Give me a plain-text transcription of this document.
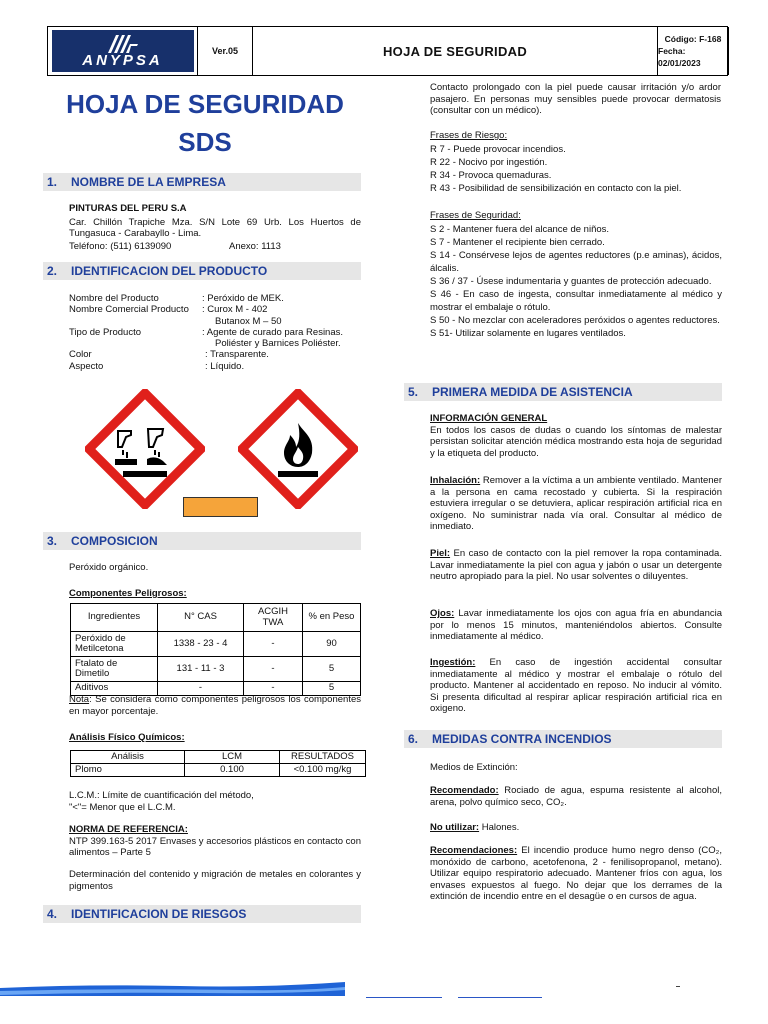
ANYPSA
Ver.05	HOJA DE SEGURIDAD
Código: F-168
Fecha: 02/01/2023
HOJA DE SEGURIDAD
SDS
1.	NOMBRE DE LA EMPRESA
PINTURAS DEL PERU S.A
Car. Chillón Trapiche Mza. S/N Lote 69 Urb. Los Huertos de Tungasuca - Carabayllo - Lima.
Teléfono: (511) 6139090	Anexo: 1113
2.	IDENTIFICACION DEL PRODUCTO
Nombre del Producto	: Peróxido de MEK.
Nombre Comercial Producto : Curox M - 402
Butanox M – 50
Tipo de Producto	: Agente de curado para Resinas.
Poliéster y Barnices Poliéster.
Color	: Transparente.
Aspecto	: Líquido.
3.	COMPOSICION
Peróxido orgánico.
Componentes Peligrosos:
Ingredientes	N° CAS	ACGIH TWA	% en Peso
Peróxido de Metilcetona	1338 - 23 - 4	-	90
Ftalato de Dimetilo	131 - 11 - 3	-	5
Aditivos	-	-	5
Nota: Se considera como componentes peligrosos los componentes en mayor porcentaje.
Análisis Físico Químicos:
Análisis	LCM	RESULTADOS
Plomo	0.100	<0.100 mg/kg
L.C.M.: Límite de cuantificación del método,
"<"= Menor que el L.C.M.
NORMA DE REFERENCIA:
NTP 399.163-5 2017 Envases y accesorios plásticos en contacto con alimentos – Parte 5
Determinación del contenido y migración de metales en colorantes y pigmentos
4.	IDENTIFICACION DE RIESGOS
Contacto prolongado con la piel puede causar irritación y/o ardor pasajero. En personas muy sensibles puede provocar dermatosis (consultar con un médico).
Frases de Riesgo:
R 7 - Puede provocar incendios.
R 22 - Nocivo por ingestión.
R 34 - Provoca quemaduras.
R 43 - Posibilidad de sensibilización en contacto con la piel.
Frases de Seguridad:
S 2 - Mantener fuera del alcance de niños.
S 7 - Mantener el recipiente bien cerrado.
S 14 - Consérvese lejos de agentes reductores (p.e aminas), ácidos, álcalis.
S 36 / 37 - Úsese indumentaria y guantes de protección adecuado.
S 46 - En caso de ingesta, consultar inmediatamente al médico y mostrar el embalaje o rótulo.
S 50 - No mezclar con aceleradores peróxidos o agentes reductores.
S 51- Utilizar solamente en lugares ventilados.
5.	PRIMERA MEDIDA DE ASISTENCIA
INFORMACIÓN GENERAL
En todos los casos de dudas o cuando los síntomas de malestar persistan solicitar atención médica mostrando esta hoja de seguridad y la etiqueta del producto.
Inhalación: Remover a la víctima a un ambiente ventilado. Mantener a la persona en cama recostado y cubierta. Si la respiración estuviera irregular o se detuviera, aplicar respiración artificial rica en oxígeno. No suministrar nada vía oral. Consultar al médico de inmediato.
Piel: En caso de contacto con la piel remover la ropa contaminada. Lavar inmediatamente la piel con agua y jabón o usar un detergente neutro apropiado para la piel. No usar solventes o diluyentes.
Ojos: Lavar inmediatamente los ojos con agua fría en abundancia por lo menos 15 minutos, manteniéndolos abiertos. Consulte inmediatamente al médico.
Ingestión: En caso de ingestión accidental consultar inmediatamente al médico y mostrar el embalaje o rótulo del producto. Mantener al accidentado en reposo. No inducir al vómito. Si presenta dificultad al respirar aplicar respiración artificial rica en oxigeno.
6.	MEDIDAS CONTRA INCENDIOS
Medios de Extinción:
Recomendado: Rociado de agua, espuma resistente al alcohol, arena, polvo químico seco, CO₂.
No utilizar: Halones.
Recomendaciones: El incendio produce humo negro denso (CO₂, monóxido de carbono, acetofenona, 2 - fenilisopropanol, metano). Utilizar equipo respiratorio adecuado. Mantener fríos con agua, los envases expuestos al fuego. No dejar que los derrames de la extinción de incendio entre en el desagüe o en cursos de agua.
